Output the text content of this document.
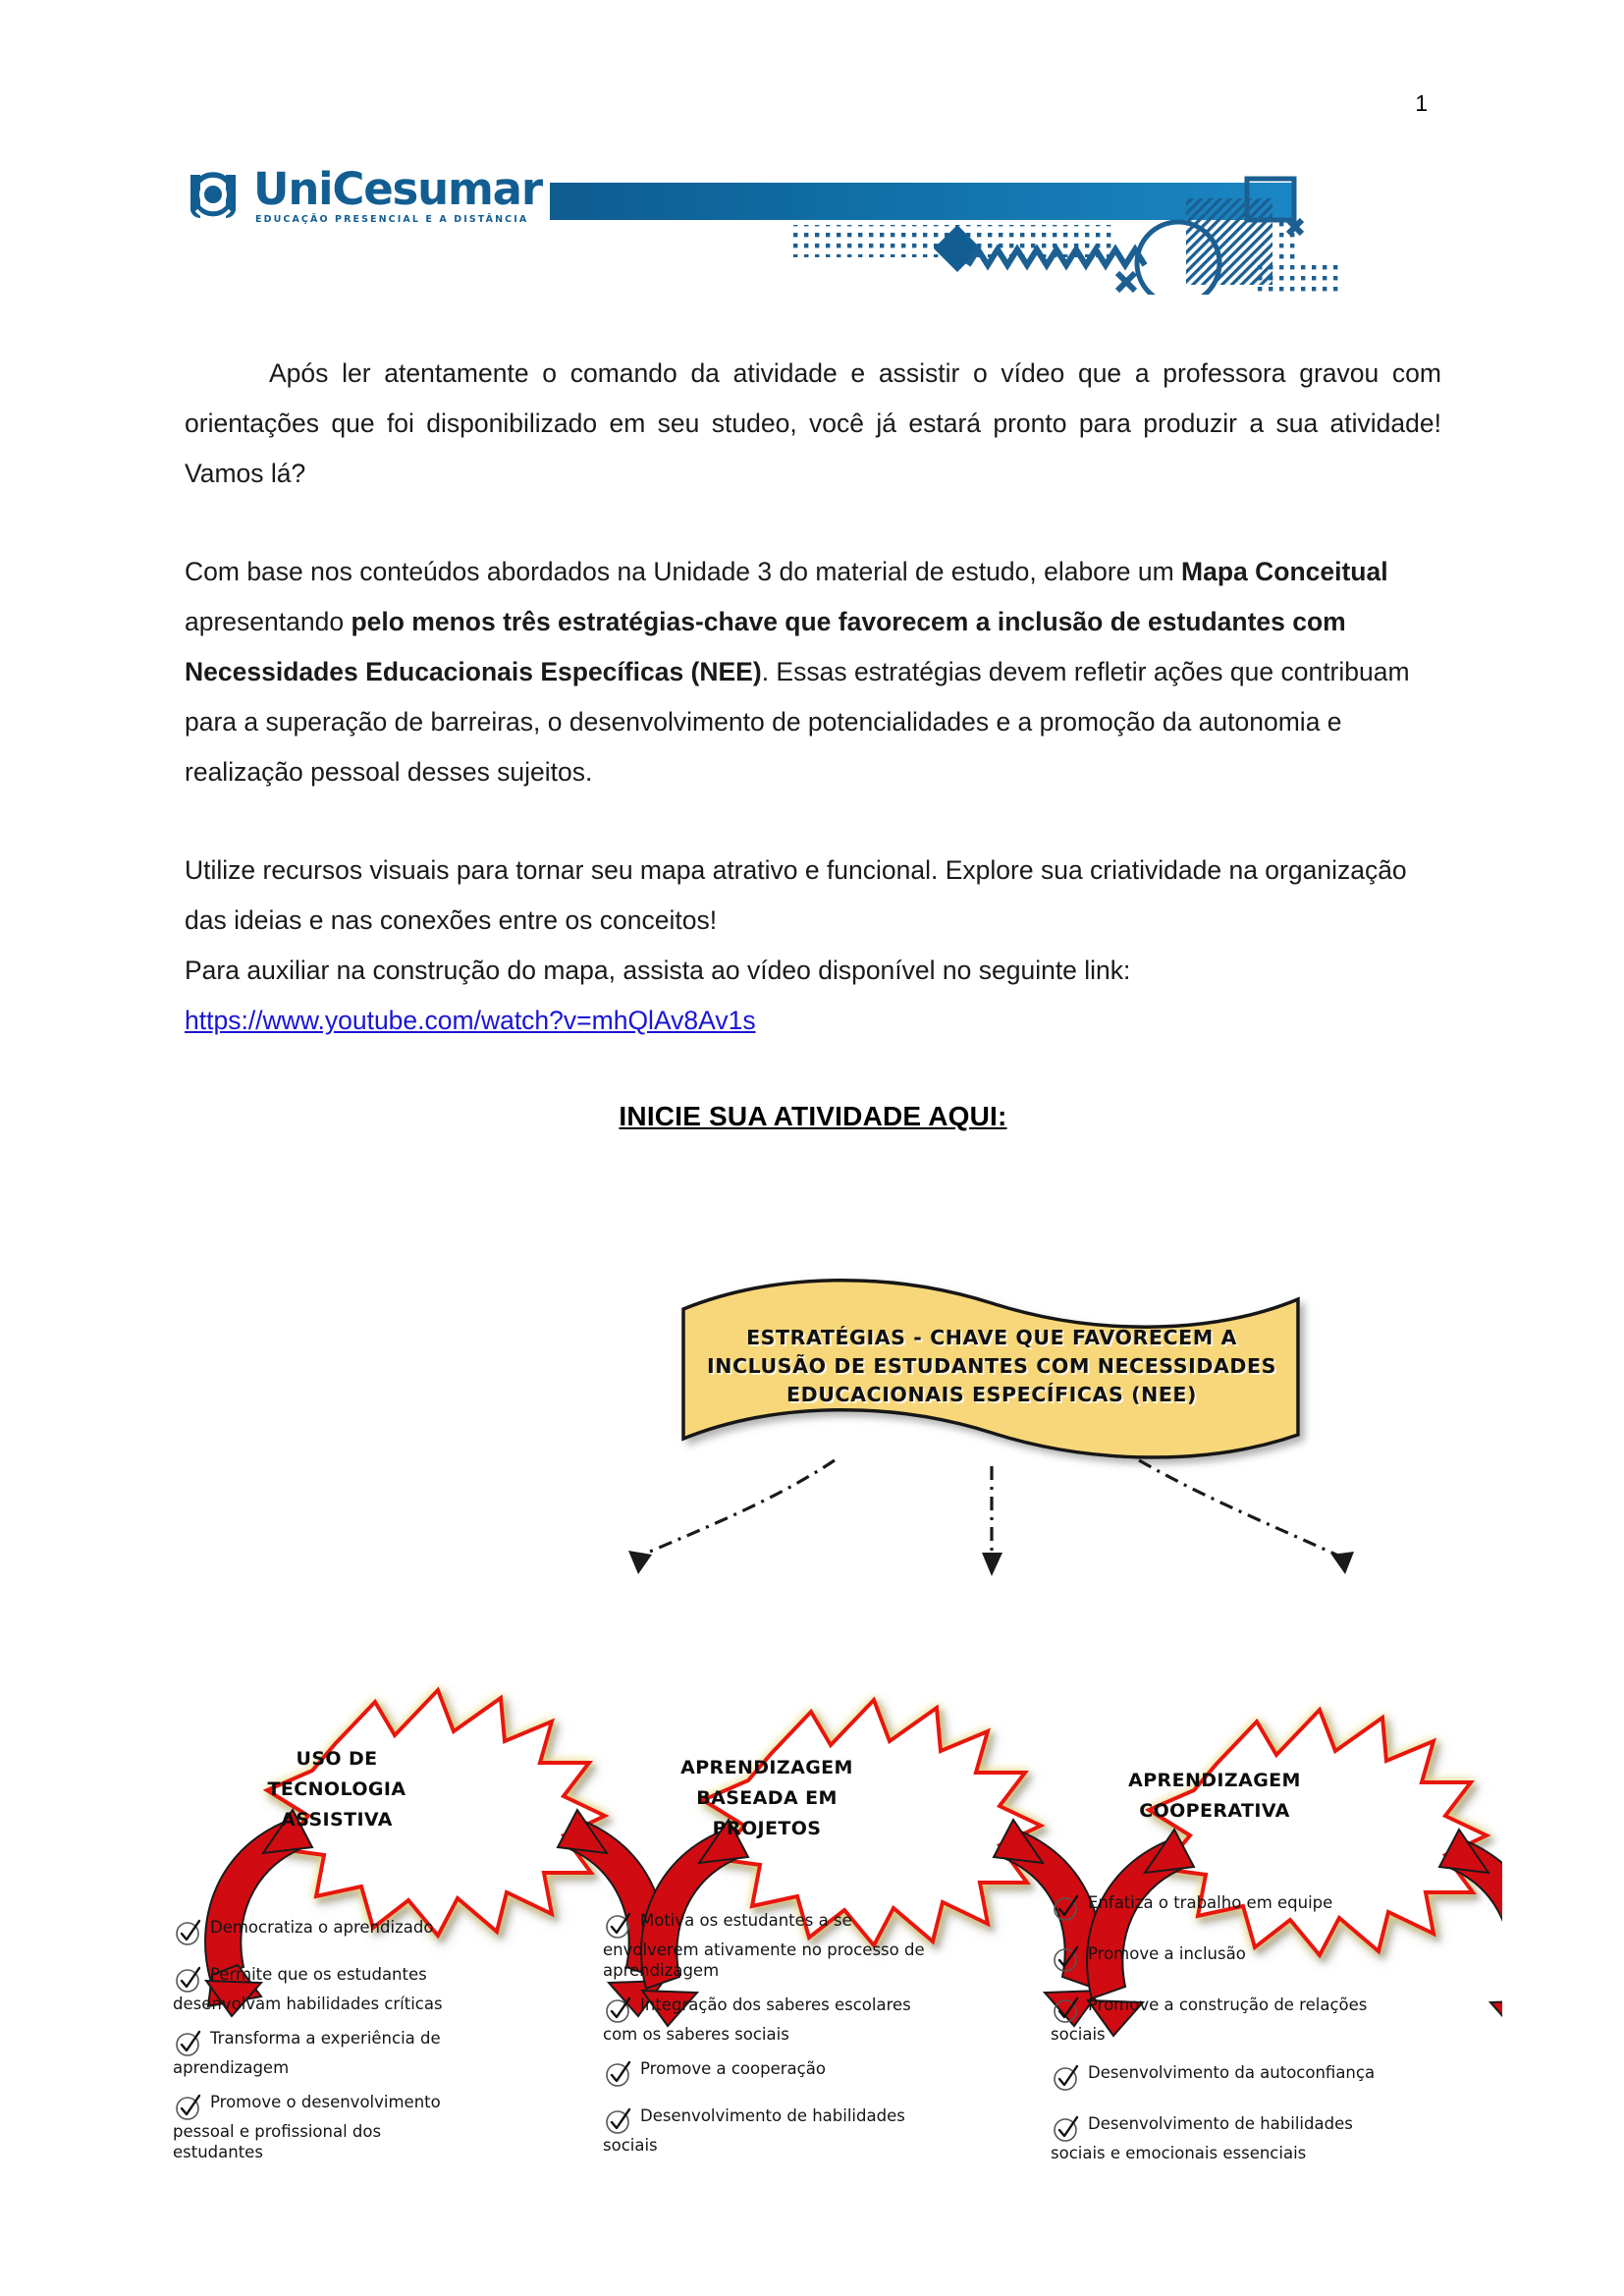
1
UniCesumar
EDUCAÇÃO PRESENCIAL E A DISTÂNCIA

Após ler atentamente o comando da atividade e assistir o vídeo que a professora gravou com orientações que foi disponibilizado em seu studeo, você já estará pronto para produzir a sua atividade! Vamos lá?

Com base nos conteúdos abordados na Unidade 3 do material de estudo, elabore um Mapa Conceitual apresentando pelo menos três estratégias-chave que favorecem a inclusão de estudantes com Necessidades Educacionais Específicas (NEE). Essas estratégias devem refletir ações que contribuam para a superação de barreiras, o desenvolvimento de potencialidades e a promoção da autonomia e realização pessoal desses sujeitos.

Utilize recursos visuais para tornar seu mapa atrativo e funcional. Explore sua criatividade na organização das ideias e nas conexões entre os conceitos!

Para auxiliar na construção do mapa, assista ao vídeo disponível no seguinte link:

https://www.youtube.com/watch?v=mhQlAv8Av1s

INICIE SUA ATIVIDADE AQUI:

ESTRATÉGIAS - CHAVE QUE FAVORECEM A
INCLUSÃO DE ESTUDANTES COM NECESSIDADES
EDUCACIONAIS ESPECÍFICAS (NEE)
USO DE
TECNOLOGIA
ASSISTIVA
APRENDIZAGEM
BASEADA EM
PROJETOS
APRENDIZAGEM
COOPERATIVA
Democratiza o aprendizado
Permite que os estudantes desenvolvam habilidades críticas
Transforma a experiência de aprendizagem
Promove o desenvolvimento pessoal e profissional dos estudantes
Motiva os estudantes a se envolverem ativamente no processo de aprendizagem
Integração dos saberes escolares com os saberes sociais
Promove a cooperação
Desenvolvimento de habilidades sociais
Enfatiza o trabalho em equipe
Promove a inclusão
Promove a construção de relações sociais
Desenvolvimento da autoconfiança
Desenvolvimento de habilidades sociais e emocionais essenciais
